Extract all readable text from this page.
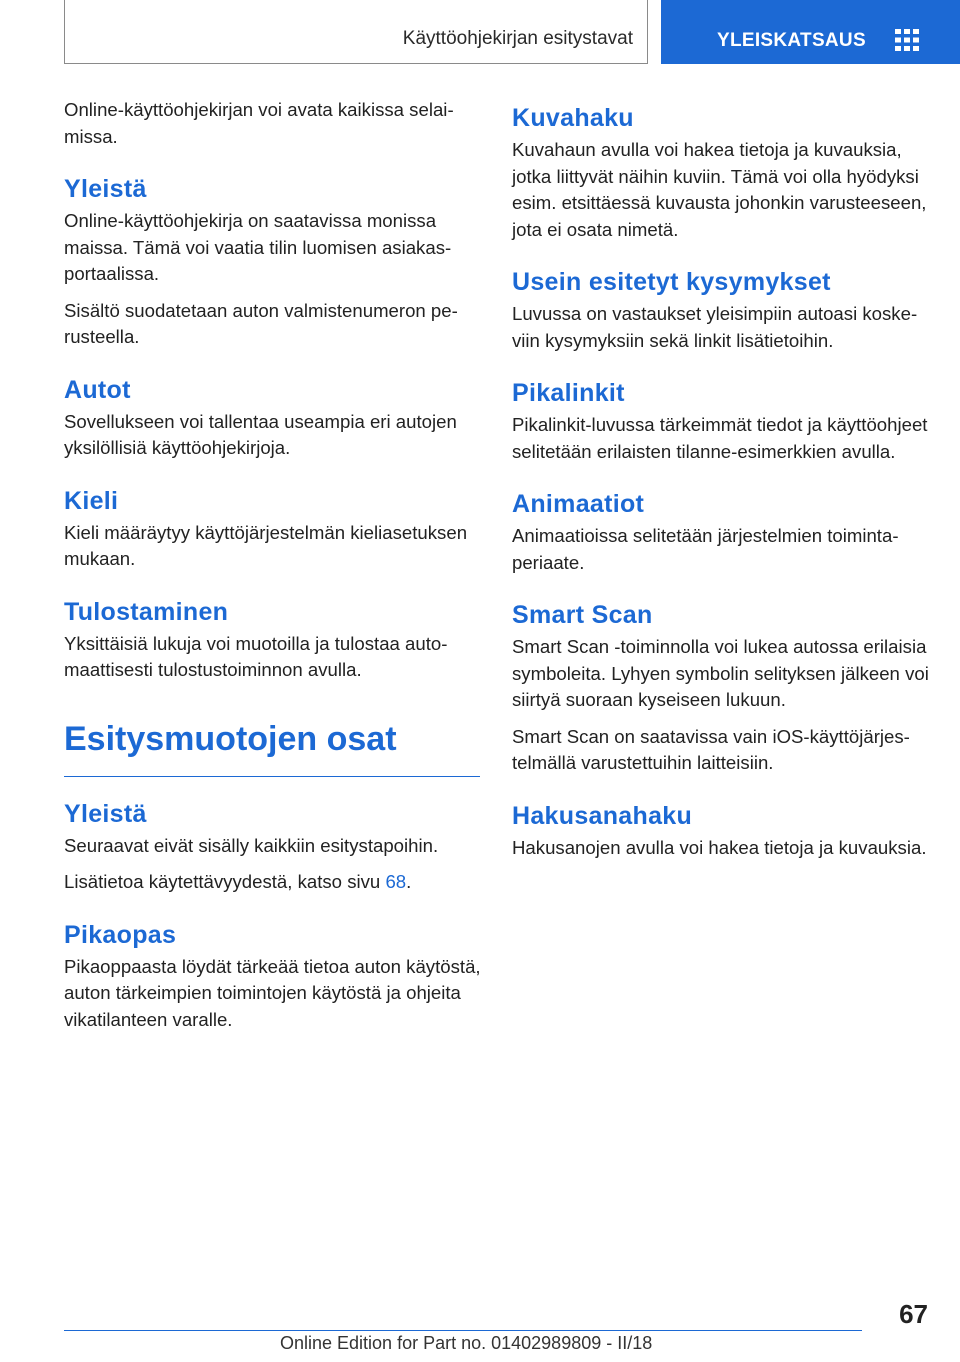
Käyttöohjekirjan esitystavat	YLEISKATSAUS

Online-käyttöohjekirjan voi avata kaikissa selaimissa.

Yleistä

Online-käyttöohjekirja on saatavissa monissa maissa. Tämä voi vaatia tilin luomisen asiakasportaalissa.

Sisältö suodatetaan auton valmistenumeron perusteella.

Autot

Sovellukseen voi tallentaa useampia eri autojen yksilöllisiä käyttöohjekirjoja.

Kieli

Kieli määräytyy käyttöjärjestelmän kieliasetuksen mukaan.

Tulostaminen

Yksittäisiä lukuja voi muotoilla ja tulostaa automaattisesti tulostustoiminnon avulla.

Esitysmuotojen osat
Yleistä

Seuraavat eivät sisälly kaikkiin esitystapoihin.

Lisätietoa käytettävyydestä, katso sivu 68.

Pikaopas

Pikaoppaasta löydät tärkeää tietoa auton käytöstä, auton tärkeimpien toimintojen käytöstä ja ohjeita vikatilanteen varalle.

Kuvahaku

Kuvahaun avulla voi hakea tietoja ja kuvauksia, jotka liittyvät näihin kuviin. Tämä voi olla hyödyksi esim. etsittäessä kuvausta johonkin varusteeseen, jota ei osata nimetä.

Usein esitetyt kysymykset

Luvussa on vastaukset yleisimpiin autoasi koskeviin kysymyksiin sekä linkit lisätietoihin.

Pikalinkit

Pikalinkit-luvussa tärkeimmät tiedot ja käyttöohjeet selitetään erilaisten tilanne-esimerkkien avulla.

Animaatiot

Animaatioissa selitetään järjestelmien toimintaperiaate.

Smart Scan

Smart Scan -toiminnolla voi lukea autossa erilaisia symboleita. Lyhyen symbolin selityksen jälkeen voi siirtyä suoraan kyseiseen lukuun.

Smart Scan on saatavissa vain iOS-käyttöjärjestelmällä varustettuihin laitteisiin.

Hakusanahaku

Hakusanojen avulla voi hakea tietoja ja kuvauksia.

67
Online Edition for Part no. 01402989809 - II/18
